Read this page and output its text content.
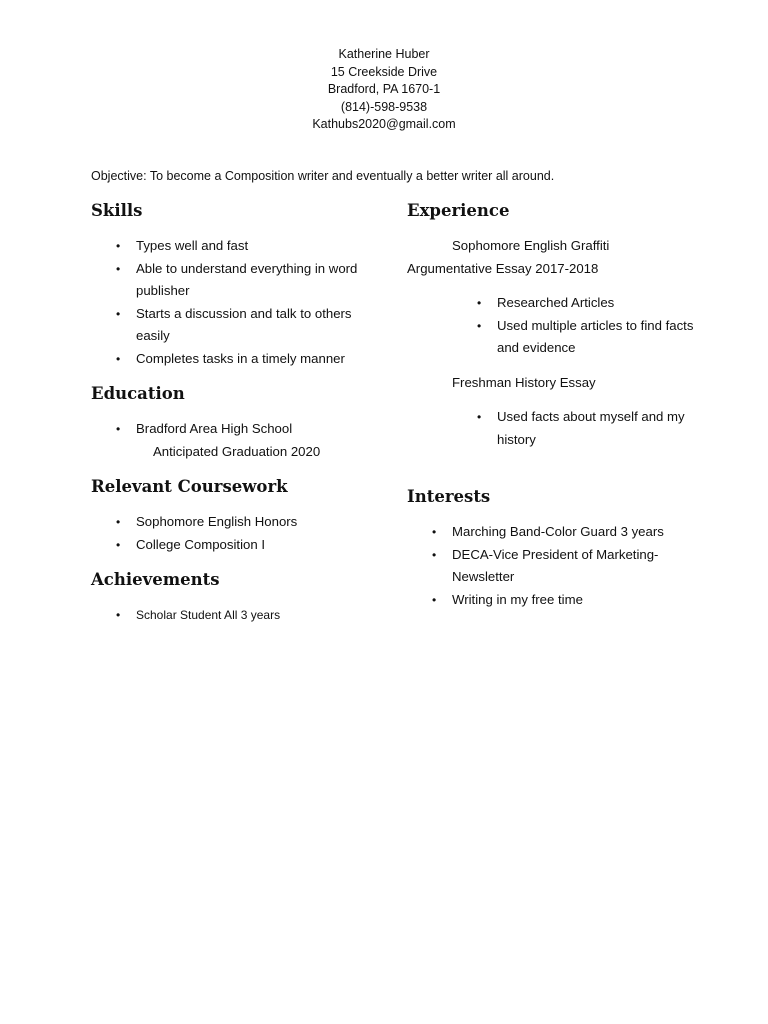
Katherine Huber
15 Creekside Drive
Bradford, PA 1670-1
(814)-598-9538
Kathubs2020@gmail.com
Objective: To become a Composition writer and eventually a better writer all around.
Skills
• Types well and fast
• Able to understand everything in word publisher
• Starts a discussion and talk to others easily
• Completes tasks in a timely manner
Education
• Bradford Area High School
Anticipated Graduation 2020
Relevant Coursework
• Sophomore English Honors
• College Composition I
Achievements
• Scholar Student All 3 years
Experience
Sophomore English Graffiti
Argumentative Essay 2017-2018
• Researched Articles
• Used multiple articles to find facts and evidence
Freshman History Essay
• Used facts about myself and my history
Interests
• Marching Band-Color Guard 3 years
• DECA-Vice President of Marketing-Newsletter
• Writing in my free time
